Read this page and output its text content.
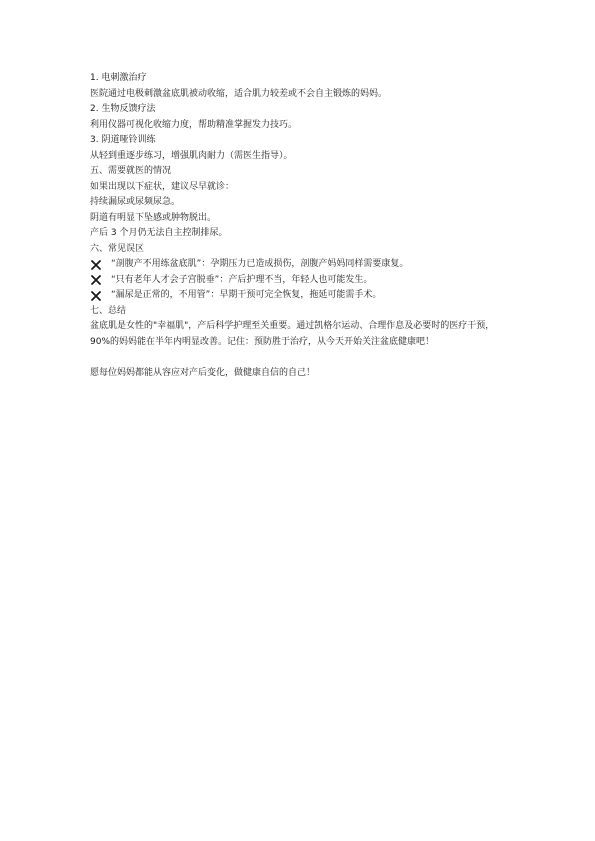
1. 电刺激治疗
医院通过电极刺激盆底肌被动收缩，适合肌力较差或不会自主锻炼的妈妈。
2. 生物反馈疗法
利用仪器可视化收缩力度，帮助精准掌握发力技巧。
3. 阴道哑铃训练
从轻到重逐步练习，增强肌肉耐力（需医生指导）。
五、需要就医的情况
如果出现以下症状，建议尽早就诊：
持续漏尿或尿频尿急。
阴道有明显下坠感或肿物脱出。
产后 3 个月仍无法自主控制排尿。
六、常见误区
“剖腹产不用练盆底肌”：孕期压力已造成损伤，剖腹产妈妈同样需要康复。
“只有老年人才会子宫脱垂”：产后护理不当，年轻人也可能发生。
“漏尿是正常的，不用管”：早期干预可完全恢复，拖延可能需手术。
七、总结
盆底肌是女性的"幸福肌"，产后科学护理至关重要。通过凯格尔运动、合理作息及必要时的医疗干预，90%的妈妈能在半年内明显改善。记住：预防胜于治疗，从今天开始关注盆底健康吧！
愿每位妈妈都能从容应对产后变化，做健康自信的自己！
